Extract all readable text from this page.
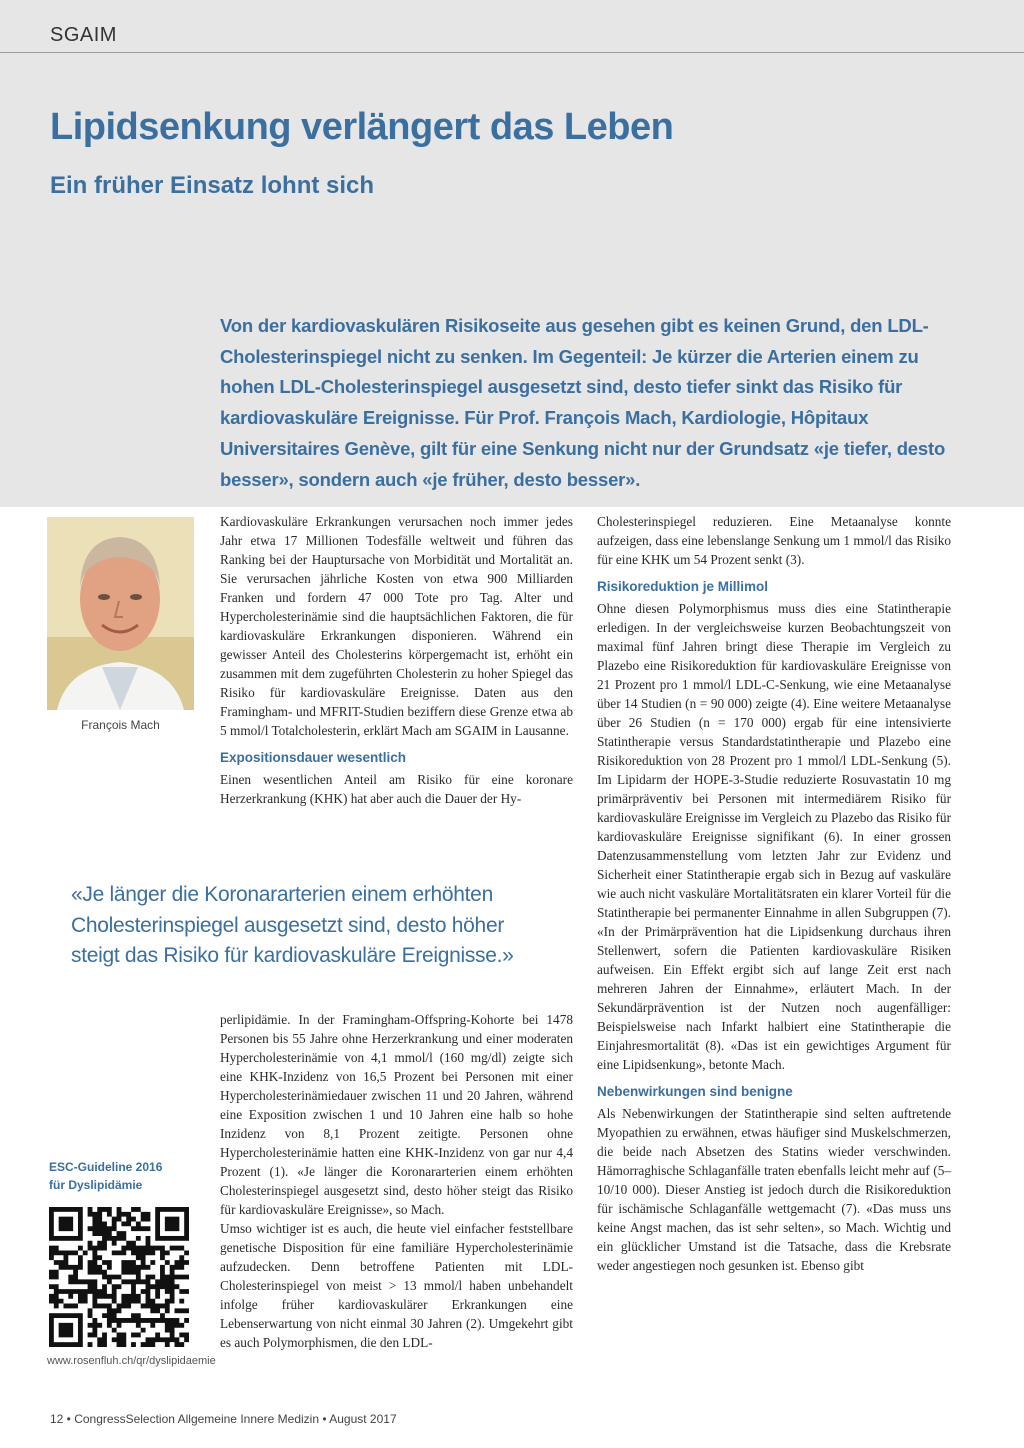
SGAIM
Lipidsenkung verlängert das Leben
Ein früher Einsatz lohnt sich
Von der kardiovaskulären Risikoseite aus gesehen gibt es keinen Grund, den LDL-Cholesterinspiegel nicht zu senken. Im Gegenteil: Je kürzer die Arterien einem zu hohen LDL-Cholesterinspiegel ausgesetzt sind, desto tiefer sinkt das Risiko für kardiovaskuläre Ereignisse. Für Prof. François Mach, Kardiologie, Hôpitaux Universitaires Genève, gilt für eine Senkung nicht nur der Grundsatz «je tiefer, desto besser», sondern auch «je früher, desto besser».
François Mach

Kardiovaskuläre Erkrankungen verursachen noch immer jedes Jahr etwa 17 Millionen Todesfälle weltweit und führen das Ranking bei der Hauptursache von Morbidität und Mortalität an. Sie verursachen jährliche Kosten von etwa 900 Milliarden Franken und fordern 47 000 Tote pro Tag. Alter und Hypercholesterinämie sind die hauptsächlichen Faktoren, die für kardiovaskuläre Erkrankungen disponieren. Während ein gewisser Anteil des Cholesterins körpergemacht ist, erhöht ein zusammen mit dem zugeführten Cholesterin zu hoher Spiegel das Risiko für kardiovaskuläre Ereignisse. Daten aus den Framingham- und MFRIT-Studien beziffern diese Grenze etwa ab 5 mmol/l Totalcholesterin, erklärt Mach am SGAIM in Lausanne.

Expositionsdauer wesentlich

Einen wesentlichen Anteil am Risiko für eine koronare Herzerkrankung (KHK) hat aber auch die Dauer der Hy-

«Je länger die Koronararterien einem erhöhten Cholesterinspiegel ausgesetzt sind, desto höher steigt das Risiko für kardiovaskuläre Ereignisse.»

perlipidämie. In der Framingham-Offspring-Kohorte bei 1478 Personen bis 55 Jahre ohne Herzerkrankung und einer moderaten Hypercholesterinämie von 4,1 mmol/l (160 mg/dl) zeigte sich eine KHK-Inzidenz von 16,5 Prozent bei Personen mit einer Hypercholesterinämiedauer zwischen 11 und 20 Jahren, während eine Exposition zwischen 1 und 10 Jahren eine halb so hohe Inzidenz von 8,1 Prozent zeitigte. Personen ohne Hypercholesterinämie hatten eine KHK-Inzidenz von gar nur 4,4 Prozent (1). «Je länger die Koronararterien einem erhöhten Cholesterinspiegel ausgesetzt sind, desto höher steigt das Risiko für kardiovaskuläre Ereignisse», so Mach.

Umso wichtiger ist es auch, die heute viel einfacher feststellbare genetische Disposition für eine familiäre Hypercholesterinämie aufzudecken. Denn betroffene Patienten mit LDL-Cholesterinspiegel von meist > 13 mmol/l haben unbehandelt infolge früher kardiovaskulärer Erkrankungen eine Lebenserwartung von nicht einmal 30 Jahren (2). Umgekehrt gibt es auch Polymorphismen, die den LDL-

Cholesterinspiegel reduzieren. Eine Metaanalyse konnte aufzeigen, dass eine lebenslange Senkung um 1 mmol/l das Risiko für eine KHK um 54 Prozent senkt (3).

Risikoreduktion je Millimol

Ohne diesen Polymorphismus muss dies eine Statintherapie erledigen. In der vergleichsweise kurzen Beobachtungszeit von maximal fünf Jahren bringt diese Therapie im Vergleich zu Plazebo eine Risikoreduktion für kardiovaskuläre Ereignisse von 21 Prozent pro 1 mmol/l LDL-C-Senkung, wie eine Metaanalyse über 14 Studien (n = 90 000) zeigte (4). Eine weitere Metaanalyse über 26 Studien (n = 170 000) ergab für eine intensivierte Statintherapie versus Standardstatintherapie und Plazebo eine Risikoreduktion von 28 Prozent pro 1 mmol/l LDL-Senkung (5). Im Lipidarm der HOPE-3-Studie reduzierte Rosuvastatin 10 mg primärpräventiv bei Personen mit intermediärem Risiko für kardiovaskuläre Ereignisse im Vergleich zu Plazebo das Risiko für kardiovaskuläre Ereignisse signifikant (6). In einer grossen Datenzusammenstellung vom letzten Jahr zur Evidenz und Sicherheit einer Statintherapie ergab sich in Bezug auf vaskuläre wie auch nicht vaskuläre Mortalitätsraten ein klarer Vorteil für die Statintherapie bei permanenter Einnahme in allen Subgruppen (7). «In der Primärprävention hat die Lipidsenkung durchaus ihren Stellenwert, sofern die Patienten kardiovaskuläre Risiken aufweisen. Ein Effekt ergibt sich auf lange Zeit erst nach mehreren Jahren der Einnahme», erläutert Mach. In der Sekundärprävention ist der Nutzen noch augenfälliger: Beispielsweise nach Infarkt halbiert eine Statintherapie die Einjahresmortalität (8). «Das ist ein gewichtiges Argument für eine Lipidsenkung», betonte Mach.

Nebenwirkungen sind benigne

Als Nebenwirkungen der Statintherapie sind selten auftretende Myopathien zu erwähnen, etwas häufiger sind Muskelschmerzen, die beide nach Absetzen des Statins wieder verschwinden. Hämorraghische Schlaganfälle traten ebenfalls leicht mehr auf (5–10/10 000). Dieser Anstieg ist jedoch durch die Risikoreduktion für ischämische Schlaganfälle wettgemacht (7). «Das muss uns keine Angst machen, das ist sehr selten», so Mach. Wichtig und ein glücklicher Umstand ist die Tatsache, dass die Krebsrate weder angestiegen noch gesunken ist. Ebenso gibt

ESC-Guideline 2016
für Dyslipidämie
www.rosenfluh.ch/qr/dyslipidaemie
12 • CongressSelection Allgemeine Innere Medizin • August 2017
